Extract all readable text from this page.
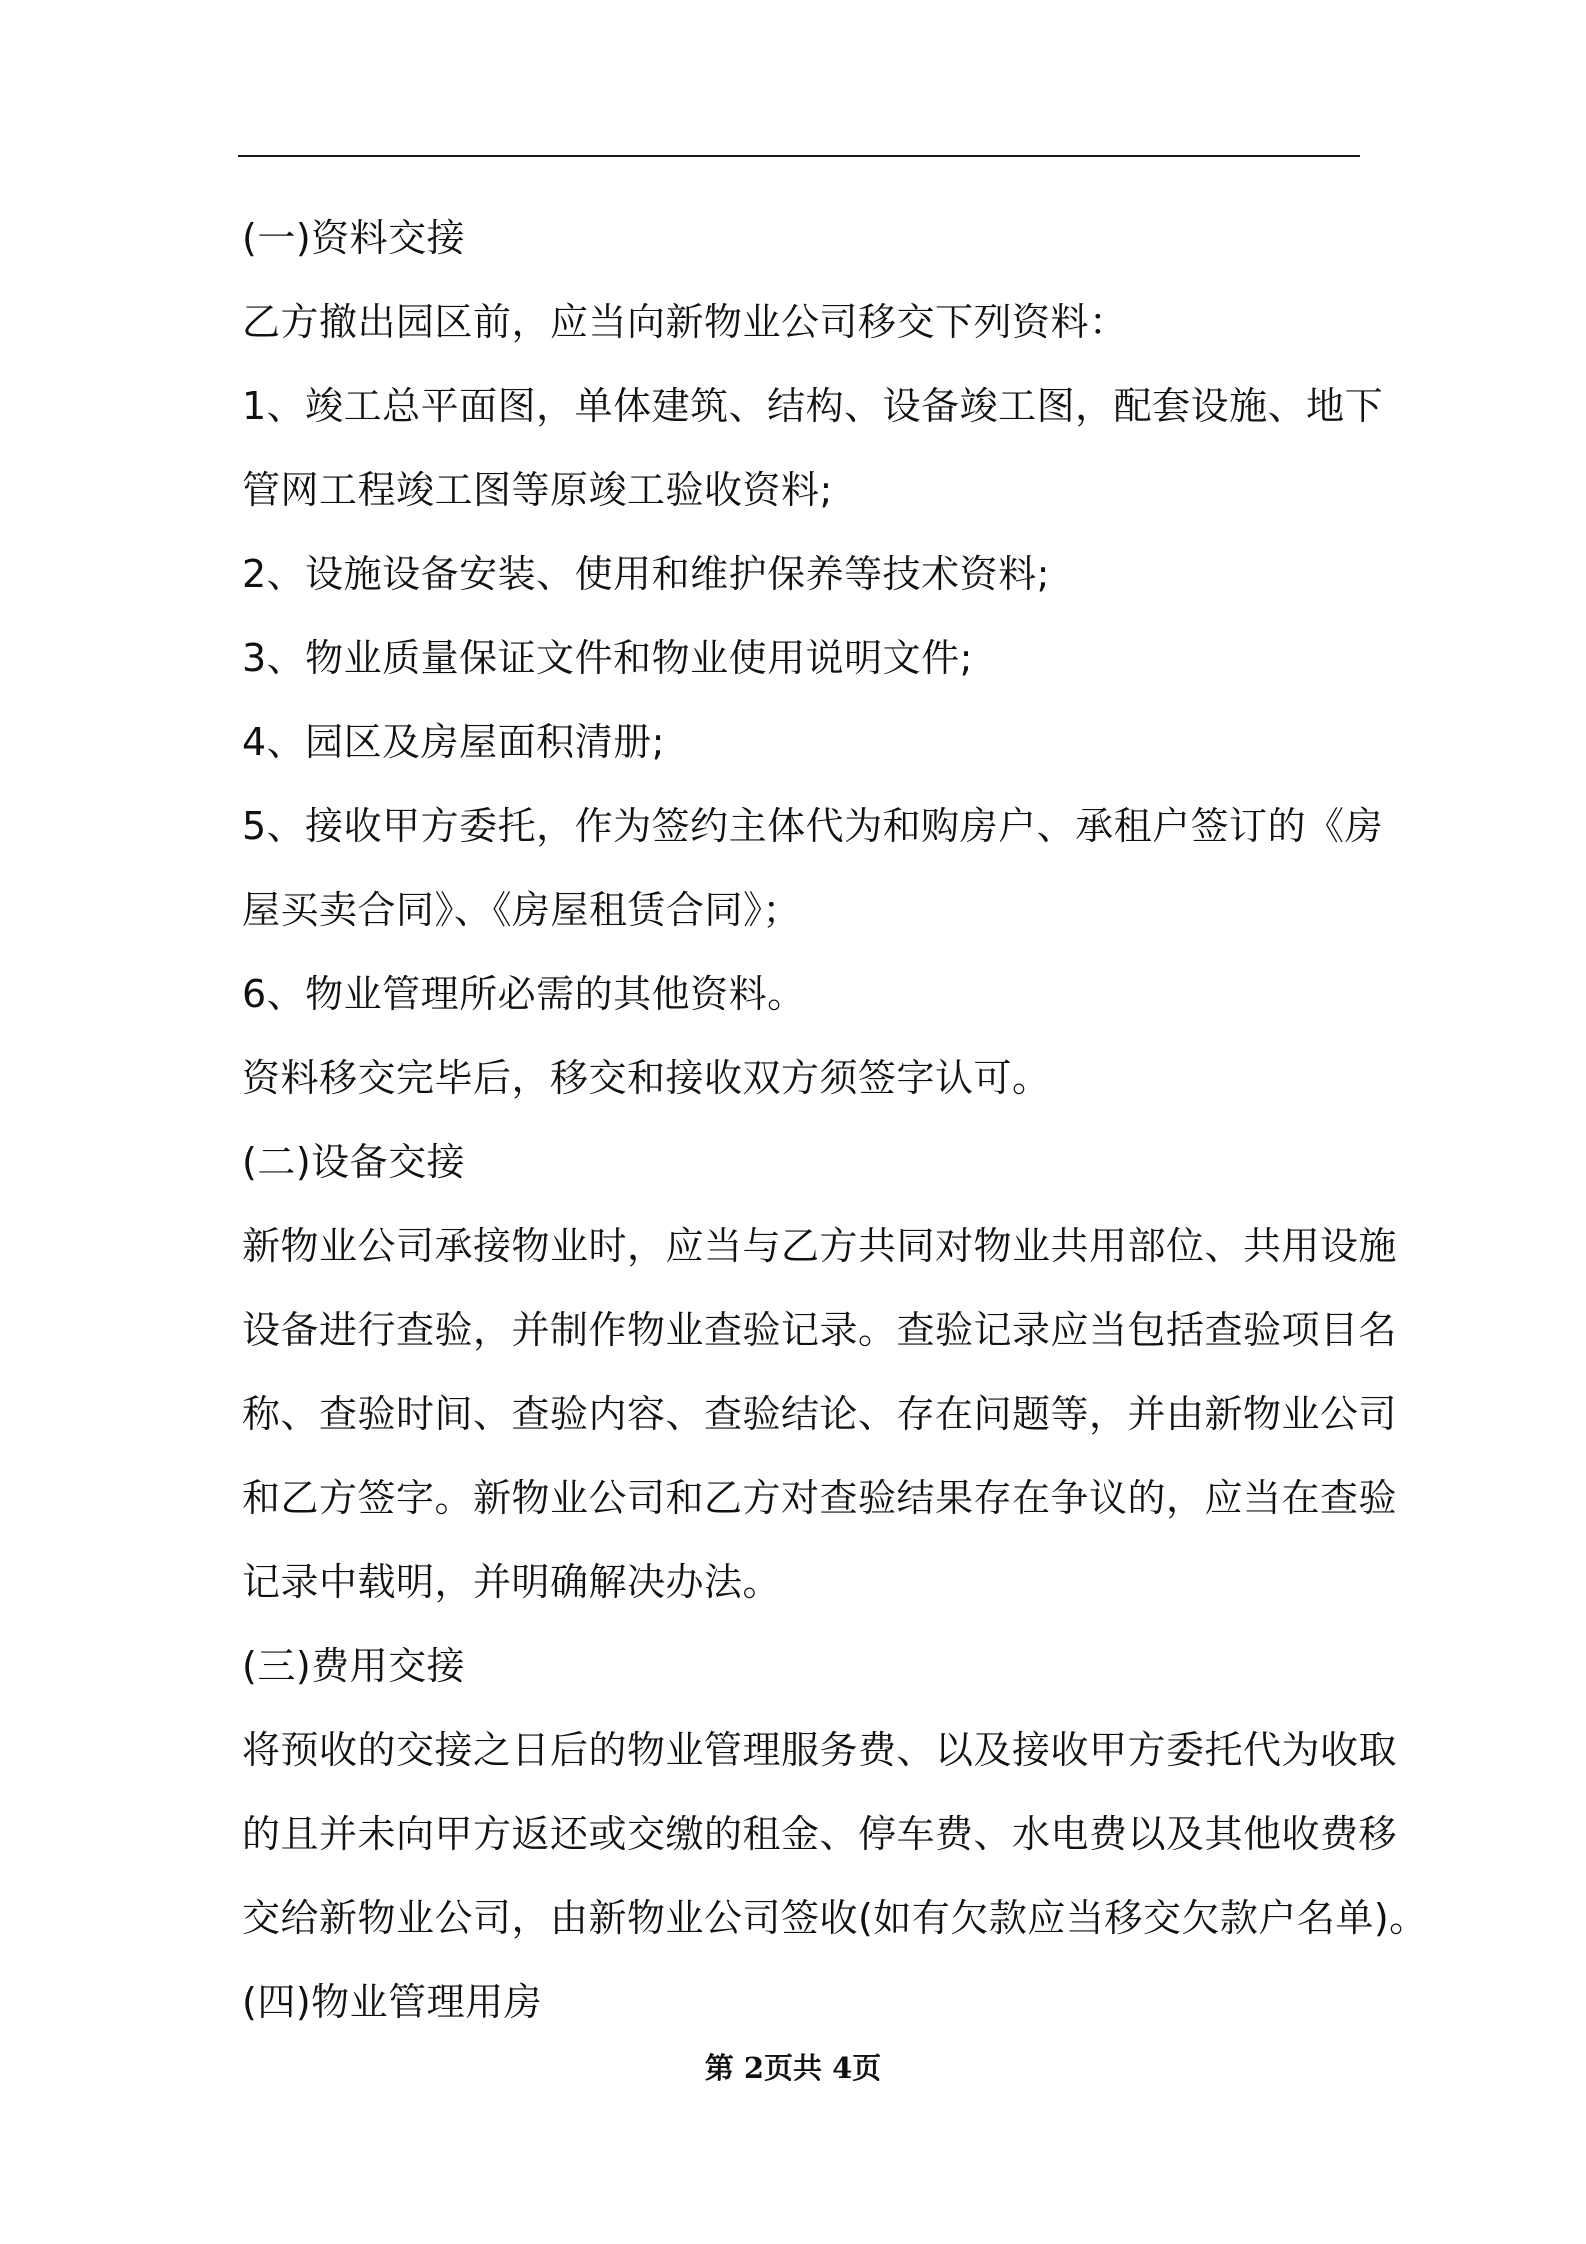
(一)资料交接
乙方撤出园区前，应当向新物业公司移交下列资料：
1、竣工总平面图，单体建筑、结构、设备竣工图，配套设施、地下
管网工程竣工图等原竣工验收资料;
2、设施设备安装、使用和维护保养等技术资料;
3、物业质量保证文件和物业使用说明文件;
4、园区及房屋面积清册;
5、接收甲方委托，作为签约主体代为和购房户、承租户签订的《房
屋买卖合同》、《房屋租赁合同》；
6、物业管理所必需的其他资料。
资料移交完毕后，移交和接收双方须签字认可。
(二)设备交接
新物业公司承接物业时，应当与乙方共同对物业共用部位、共用设施
设备进行查验，并制作物业查验记录。查验记录应当包括查验项目名
称、查验时间、查验内容、查验结论、存在问题等，并由新物业公司
和乙方签字。新物业公司和乙方对查验结果存在争议的，应当在查验
记录中载明，并明确解决办法。
(三)费用交接
将预收的交接之日后的物业管理服务费、以及接收甲方委托代为收取
的且并未向甲方返还或交缴的租金、停车费、水电费以及其他收费移
交给新物业公司，由新物业公司签收(如有欠款应当移交欠款户名单)。
(四)物业管理用房
第 2页共 4页
